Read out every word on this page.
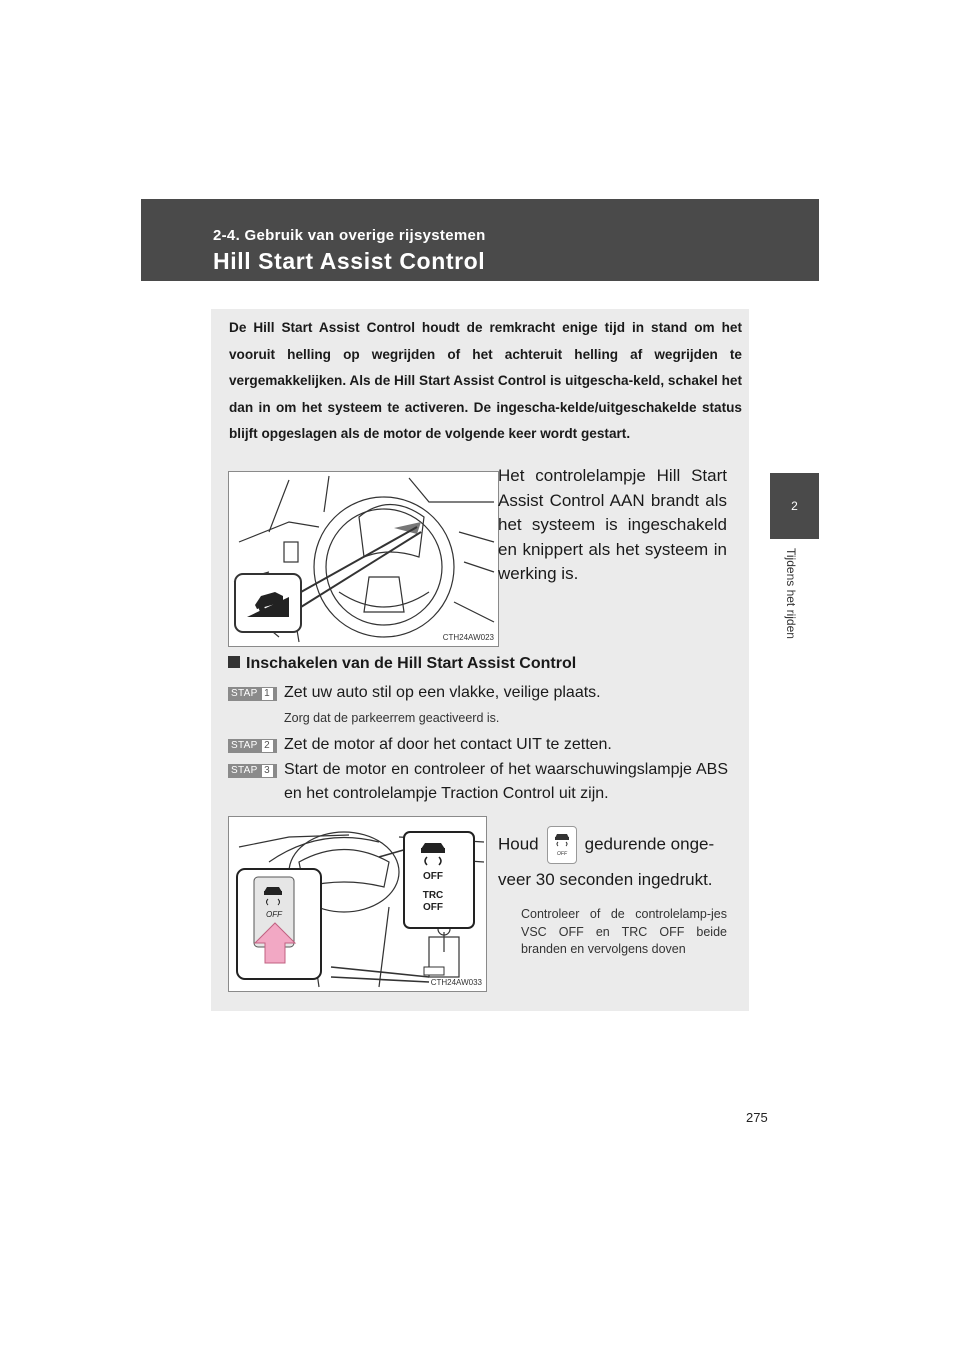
2-4. Gebruik van overige rijsystemen
Hill Start Assist Control
2
Tijdens het rijden
De Hill Start Assist Control houdt de remkracht enige tijd in stand om het vooruit helling op wegrijden of het achteruit helling af wegrijden te vergemakkelijken. Als de Hill Start Assist Control is uitgescha-keld, schakel het dan in om het systeem te activeren. De ingescha-kelde/uitgeschakelde status blijft opgeslagen als de motor de volgende keer wordt gestart.
CTH24AW023
Het controlelampje Hill Start Assist Control AAN brandt als het systeem is ingeschakeld en knippert als het systeem in werking is.
Inschakelen van de Hill Start Assist Control
STAP 1 Zet uw auto stil op een vlakke, veilige plaats.
Zorg dat de parkeerrem geactiveerd is.
STAP 2 Zet de motor af door het contact UIT te zetten.
STAP 3 Start de motor en controleer of het waarschuwingslampje ABS en het controlelampje Traction Control uit zijn.
OFF
TRC
OFF
OFF
CTH24AW033
Houd
OFF
gedurende onge-
veer 30 seconden ingedrukt.
Controleer of de controlelamp-jes VSC OFF en TRC OFF beide branden en vervolgens doven
275
